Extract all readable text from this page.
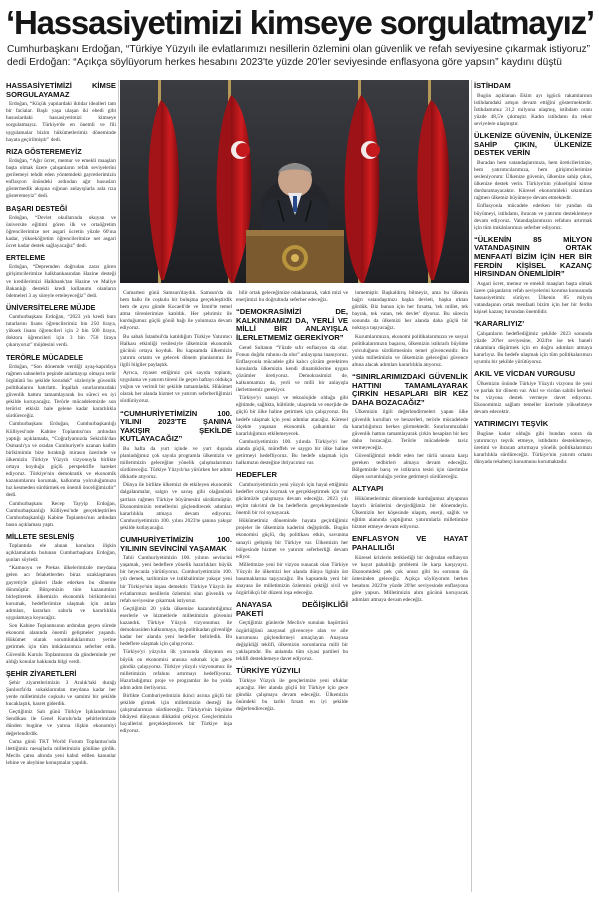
‘Hassasiyetimizi kimseye sorgulatmayız’
Cumhurbaşkanı Erdoğan, “Türkiye Yüzyılı ile evlatlarımızı nesillerin özlemini olan güvenlik ve refah seviyesine çıkarmak istiyoruz” dedi Erdoğan: “Açıkça söylüyorum herkes hesabını 2023'te yüzde 20'ler seviyesinde enflasyona göre yapsın” kaydını düştü
HASSASİYETİMİZİ KİMSE SORGULAYAMAZ

Erdoğan, “Küçük yapılardaki iktidar idealleri tam bir facialar. Başlı yaşa ulaşan iki ebedi gibi hususlardaki hassasiyetimizi kimseye sorgulatmayız. Türkiye'de en önemli ve fili uygulamalar bizim hükümetlerimiz döneminde hayata geçirilmiştir” dedi.

RIZA GÖSTEREMEYİZ

Erdoğan, “Ağır ücret, memur ve emekli maaşları başta olmak üzere çalışanların refah seviyelerini gerilemeyi tehdit eden yöntemdeki gayretlerimizin enflasyon önündeki ardından ağır hususları göstermedik akışına sığınan anlayışlarla asla rıza gösteremeyiz” dedi.

BAŞARI DESTEĞİ

Erdoğan, “Devlet okullarında okuyan ve üniversite eğitimi gören ilk ve ortaöğretim öğrencilerimize net asgari ücretin yüzde 60'ına kadar, yükseköğretim öğrencilerimize net asgari ücret kadar destek sağlayacağız” dedi.

ERTELEME

Erdoğan, “Depremden doğrudan zarar gören girişimcilerimize halkbankasından Hazine desteği ve kredilerimizi Halkbank'tan Hazine ve Maliye Bakanlığı destekli kredi kullanımı olanların ödemeleri 3 ay süreyle erteleyeceğiz” dedi.

ÜNİVERSİTELERE MÜJDE

Cumhurbaşkanı Erdoğan, “2023 yılı kredi burs tutarlarını lisans öğrencilerimiz bin 250 liraya, yüksek lisans öğrencileri için 2 bin 500 liraya, doktora öğrencileri için 3 bin 750 liraya çıkarıyoruz” müjdesini verdi.

TERÖRLE MÜCADELE

Erdoğan, “Son dönemde verdiği ayaş-kapıldıya rağmen sahnelerin peşinde anlamayışı olmaya terör örgütünü bu şekilde koruduk” sözleriyle güvenlik politikalarını hatırlattı. İnşallah sınırlarımızdaki güvenlik hattını tamamlayarak bu süreci en iyi şekilde koruyacağız. Terörle mücadelemizde son terörist etkisiz hale gelene kadar kararlılıkla sürdüreceğiz.

Cumhurbaşkanı Erdoğan, Cumhurbaşkanlığı Külliyesi'nde Kabine Toplantısı'nın ardından yaptığı açıklamada, “Coğrafyamızda Sekizlik'dan Osmanlı'ya ve oradan Cumhuriyet'e uzanan kadim birikimimin bize bıraktığı mirasın üzerinde ve ülkemizin Türkiye Yüzyılı vizyonuyla birlikte ortaya koyduğu güçlü perspektifle hareket ediyoruz. Türkiye'nin demokratik ve ekonomik kazanımlarını korumak, kalkınma yolculuğumuzu hız kesmeden sürdürmek en önemli önceliğimizdir” dedi.

Cumhurbaşkanı Recep Tayyip Erdoğan, Cumhurbaşkanlığı Külliyesi'nde gerçekleştirilen Cumhurbaşkanlığı Kabine Toplantısı'nın ardından basın açıklaması yaptı.

MİLLETE SESLENİŞ

Toplantıda ele alınan konulara ilişkin açıklamalarda bulunan Cumhurbaşkanı Erdoğan, şunları söyledi:

“Kamuoyu ve Prekas ülkelerimizde meydana gelen acı felaketlerden biraz uzaklaşmanın gayretiyle günleri ifade ederken bu döneme dönmüştür. Bütçemizin tüm kazanımları birleştirerek ülkemizin ekonomik birikimlerini korumak, hedeflerimize ulaşmak için atılan adımları, kararları sabırla ve kararlılıkla uygulamaya koyacağız.

Son Kabine Toplantısının ardından geçen sürede ekonomi alanında önemli gelişmeler yaşandı. Hükümet olarak sorumluluklarımızı yerine getirmek için tüm imkânlarımızı seferber ettik. Güvenlik Kurulu Toplantısının da gündeminde yer aldığı konular hakkında bilgi verdi.

ŞEHİR ZİYARETLERİ

Şehir ziyaretlerimizin 3 Aralık'taki durağı Şanlıurfa'da sokaklarından meydana kadar her yerde milletimizle coşkulu ve samimi bir şekilde kucaklaştık, hasret giderdik.

Geçtiğimiz Salı günü Türkiye Işıklandırması Sendikası ile Genel Kurulu'nda şehirlerimizde dünden bugüne ve yarına ilişkin ekonomiyi değerlendirdik.

Cuma günü TKT World Forum Toplantısı'nda ilettiğimiz mesajlarla milletimizin gönlüne girdik. Meclis çatısı altında yeni kabul edilen kanunlar lehine ve aleyhine konuşmalar yapıldı.

Cumartesi günü Samsun'daydık. Samsun'da da hem halkı ile coşkulu bir buluşma gerçekleştirdik hem de aynı günde Kocaeli'de ve İzmit'te temel atma törenlerimize katıldık. Her şehrimiz ile kurduğumuz güçlü gönül bağı ile yolumuza devam ediyoruz.

Bu sabah İstanbul'da katıldığım Türkiye Yatırımcı Halkası etkinliği vesilesiyle ülkemizin ekonomik gücünü ortaya koyduk. Bu kapsamda ülkemizin yatırım ortamı ve gelecek dönem planlarımız ile ilgili bilgiler paylaştık.

Ayrıca, riyaset ettiğimiz çok sayıda toplantı, uygulama ve yatırım töreni ile geçen haftayı oldukça yoğun ve verimli bir şekilde tamamladık. Hükümet olarak her alanda hizmet ve yatırım seferberliğimizi sürdürüyoruz.

“CUMHURİYETİMİZİN 100. YILINI 2023'TE ŞANINA YAKIŞIR ŞEKİLDE KUTLAYACAĞIZ”

Bu hafta da yurt içinde ve yurt dışında planladığımız çok sayıda programla ülkemizin ve milletimizin geleceğine yönelik çalışmalarımızı sürdüreceğiz. Türkiye Yüzyılı'na yürürken her adımı dikkatle atıyoruz.

Dünya ile birlikte ülkemizi de etkileyen ekonomik dalgalanmalar, salgın ve savaş gibi olağanüstü şartlara rağmen Türkiye büyümesini sürdürmüştür. Ekonomimizin temellerini güçlendirecek adımları kararlılıkla atmaya devam ediyoruz. Cumhuriyetimizin 100. yılını 2023'te şanına yakışır şekilde kutlayacağız.

CUMHURİYETİMİZİN 100. YILININ SEVİNCİNİ YAŞAMAK

Tabii Cumhuriyetimizin 100. yılının sevincini yaşamak, yeni hedeflere yönelik hazırlıkları büyük bir heyecanla yürütüyoruz. Cumhuriyetimizin 100. yılı demek, tarihimize ve istikbalimize yakışır yeni bir Türkiye'nin inşası demektir. Türkiye Yüzyılı ile evlatlarımızı nesillerin özlemini olan güvenlik ve refah seviyesine çıkarmak istiyoruz.

Geçtiğimiz 20 yılda ülkemize kazandırdığımız eserlerle ve hizmetlerle milletimizin güvenini kazandık. Türkiye Yüzyılı vizyonumuz ile demokrasiden kalkınmaya, dış politikadan güvenliğe kadar her alanda yeni hedefler belirledik. Bu hedeflere ulaşmak için çalışıyoruz.

Türkiye'yi yüzyılın ilk yarısında dünyanın en büyük on ekonomisi arasına sokmak için gece gündüz çalışıyoruz. Türkiye yüzyılı vizyonumuz ile milletimizin refahını artırmayı hedefliyoruz. Hazırladığımız proje ve programlar ile bu yolda adım adım ilerliyoruz.

Birlikte Cumhuriyetimizin ikinci asrına güçlü bir şekilde girmek için milletimizin desteği ile çalışmalarımızı sürdüreceğiz. Türkiye'nin büyüme hikâyesi dünyanın dikkatini çekiyor. Gençlerimizin hayallerini gerçekleştirecek bir Türkiye inşa ediyoruz.

bilir ortak geleceğimize odaklanarak, vakti mizi ve enerjimizi bu doğrultuda seferber edeceğiz.

“DEMOKRASİMİZİ DE, KALKINMAMIZI DA, YERLİ VE MİLLİ BİR ANLAYIŞLA İLERLETMEMİZ GEREKİYOR”

Genel Sultanın “Yüzde sıfır enflasyon da olur. Fonun doğdu ruhunu da olur” anlayışına inanıyoruz. Enflasyonla mücadele gibi kalıcı çözüm gerektiren konularda ülkemizin kendi dinamiklerine uygun çözümler üretiyoruz. Demokrasimizi de, kalkınmamızı da, yerli ve milli bir anlayışla ilerletmemiz gerekiyor.

Türkiye'yi sanayi ve teknolojide olduğu gibi eğitimde, sağlıkta, kültürde, ulaşımda ve enerjide de güçlü bir ülke haline getirmek için çalışıyoruz. Bu hedefe ulaşmak için yeni adımlar atacağız. Küresel ölçekte yaşanan ekonomik çalkantılar da kararlılığımızı etkilemeyecek.

Cumhuriyetimizin 100. yılında Türkiye'yi her alanda güçlü, müreffeh ve saygın bir ülke haline getirmeyi hedefliyoruz. Bu hedefe ulaşmak için halkımızın desteğine ihtiyacımız var.

HEDEFLER

Cumhuriyetimizin yeni yüzyılı için hayal ettiğimiz hedefler ortaya koymak ve gerçekleştirmek için var gücümüzle çalışmaya devam edeceğiz. 2023 yılı seçim takvimi de bu hedeflerin gerçekleşmesinde önemli bir rol oynayacak.

Hükümetimiz döneminde hayata geçirdiğimiz projeler ile ülkemizin kaderini değiştirdik. Bugün ekonomisi güçlü, dış politikası etkin, savunma sanayii gelişmiş bir Türkiye var. Ülkemizin her bölgesinde hizmet ve yatırım seferberliği devam ediyor.

Milletimize yeni bir vizyon sunacak olan Türkiye Yüzyılı ile ülkemizi her alanda dünya liginin üst basamaklarına taşıyacağız. Bu kapsamda yeni bir anayasa ile milletimizin özlemini çektiği sivil ve özgürlükçü bir düzeni inşa edeceğiz.

ANAYASA DEĞİŞİKLİĞİ PAKETİ

Geçtiğimiz günlerde Meclis'e sunulan başörtüsü özgürlüğünü anayasal güvenceye alan ve aile kurumunu güçlendirmeyi amaçlayan Anayasa değişikliği teklifi, ülkemizin sorunlarına milli bir yaklaşımdır. Bu anlamda tüm siyasi partileri bu teklifi desteklemeye davet ediyoruz.

TÜRKİYE YÜZYILI

Türkiye Yüzyılı ile gençlerimize yeni ufuklar açacağız. Her alanda güçlü bir Türkiye için gece gündüz çalışmaya devam edeceğiz. Ülkemizin önündeki bu tarihi fırsatı en iyi şekilde değerlendireceğiz.

inmemiştir. Başkaldırış bilmeyiz, ama bu ülkenin bağrı vatandaşımızı başka devleti, başka ırktan gördük. Biz bunun için her fırsatta, 'tek millet, tek bayrak, tek vatan, tek devlet' diyoruz. Bu sürecin sonunda da ülkemizi her alanda daha güçlü bir noktaya taşıyacağız.

Kurumlarımızın, ekonomi politikalarımızın ve sosyal politikalarımızın başarısı, ülkemizin istikrarlı büyüme yolculuğunu sürdürmesinin temel güvencesidir. Bu yolda milletimizin ve ülkemizin geleceğini güvence altına alacak adımları kararlılıkla atıyoruz.

“SINIRLARIMIZDAKİ GÜVENLİK HATTINI TAMAMLAYARAK ÇIRKİN HESAPLARI BİR KEZ DAHA BOZACAĞIZ”

Ülkemizin ilgili değerlendirmeleri yapan ülke güvenlik kurulları ve benzerleri, terörle mücadelede kararlılığımızı herkes görmektedir. Sınırlarımızdaki güvenlik hattını tamamlayarak çirkin hesapları bir kez daha bozacağız. Terörle mücadelede taviz vermeyeceğiz.

Güvenliğimizi tehdit eden her türlü unsura karşı gereken tedbirleri almaya devam edeceğiz. Bölgemizde barış ve istikrarın tesisi için üzerimize düşen sorumluluğu yerine getirmeyi sürdüreceğiz.

ALTYAPI

Hükümetlerimiz döneminde kurduğumuz altyapının hayırlı ürünlerini devşirdiğimiz bir dönemdeyiz. Ülkemizin her köşesinde ulaşım, enerji, sağlık ve eğitim alanında yaptığımız yatırımlarla milletimize hizmet etmeye devam ediyoruz.

ENFLASYON VE HAYAT PAHALILIĞI

Küresel krizlerin tetiklediği bir doğrudan enflasyon ve hayat pahalılığı problemi ile karşı karşıyayız. Ekonomideki pek çok unsur gibi bu sorunun da üstesinden geleceğiz. Açıkça söylüyorum herkes hesabını 2023'te yüzde 20'ler seviyesinde enflasyona göre yapsın. Milletimizin alım gücünü koruyacak adımları atmaya devam edeceğiz.

İSTİHDAM

Bugün açıklanan Ekim ayı işgücü rakamlarının istihdamdaki artışın devam ettiğini göstermektedir. İstihdamımız 31,2 milyona ulaşmış, istihdam oranı yüzde 48,5'e çıkmıştır. Kadın istihdamı da rekor seviyelere ulaşmıştır.

ÜLKENİZE GÜVENİN, ÜLKENİZE SAHİP ÇIKIN, ÜLKENİZE DESTEK VERİN

Buradan hem vatandaşlarımıza, hem üreticilerimize, hem yatırımcılarımıza, hem girişimcilerimize sesleniyorum: Ülkenize güvenin, ülkenize sahip çıkın, ülkenize destek verin. Türkiye'nin yükselişini kimse durduramayacaktır. Küresel ekonomideki sıkıntılara rağmen ülkemiz büyümeye devam etmektedir.

Enflasyonla mücadele ederken bir yandan da büyümeyi, istihdamı, ihracatı ve yatırımı desteklemeye devam ediyoruz. Vatandaşlarımızın refahını artırmak için tüm imkânlarımızı seferber ediyoruz.

“ÜLKENİN 85 MİLYON VATANDAŞININ ORTAK MENFAATİ BİZİM İÇİN HER BİR FERDİN KİŞİSEL KAZANÇ HİRSINDAN ÖNEMLİDİR”

Asgari ücret, memur ve emekli maaşları başta olmak üzere çalışanların refah seviyelerini koruma konusunda hassasiyetimiz sürüyor. Ülkenin 85 milyon vatandaşının ortak menfaati bizim için her bir ferdin kişisel kazanç hırsından önemlidir.

‘KARARLIYIZ’

Çalışanların hedeflediğimiz şekilde 2023 sonunda yüzde 20'ler seviyesine, 2024'te ise tek haneli rakamlara düşürmek için en doğru adımları atmaya kararlıyız. Bu hedefe ulaşmak için tüm politikalarımızı uyumlu bir şekilde yürütüyoruz.

AKIL VE VİCDAN VURGUSU

Ülkemizin önünde Türkiye Yüzyılı vizyonu ile yeni ve parlak bir dönem var. Akıl ve vicdan sahibi herkesi bu vizyona destek vermeye davet ediyoruz. Ekonomimiz sağlam temeller üzerinde yükselmeye devam edecektir.

YATIRIMCIYI TEŞVİK

Bugüne kadar olduğu gibi bundan sonra da yatırımcıyı teşvik etmeye, istihdamı desteklemeye, üretimi ve ihracatı artırmaya yönelik politikalarımızı kararlılıkla sürdüreceğiz. Türkiye'nin yatırım ortamı dünyada rekabetçi konumunu korumaktadır.
